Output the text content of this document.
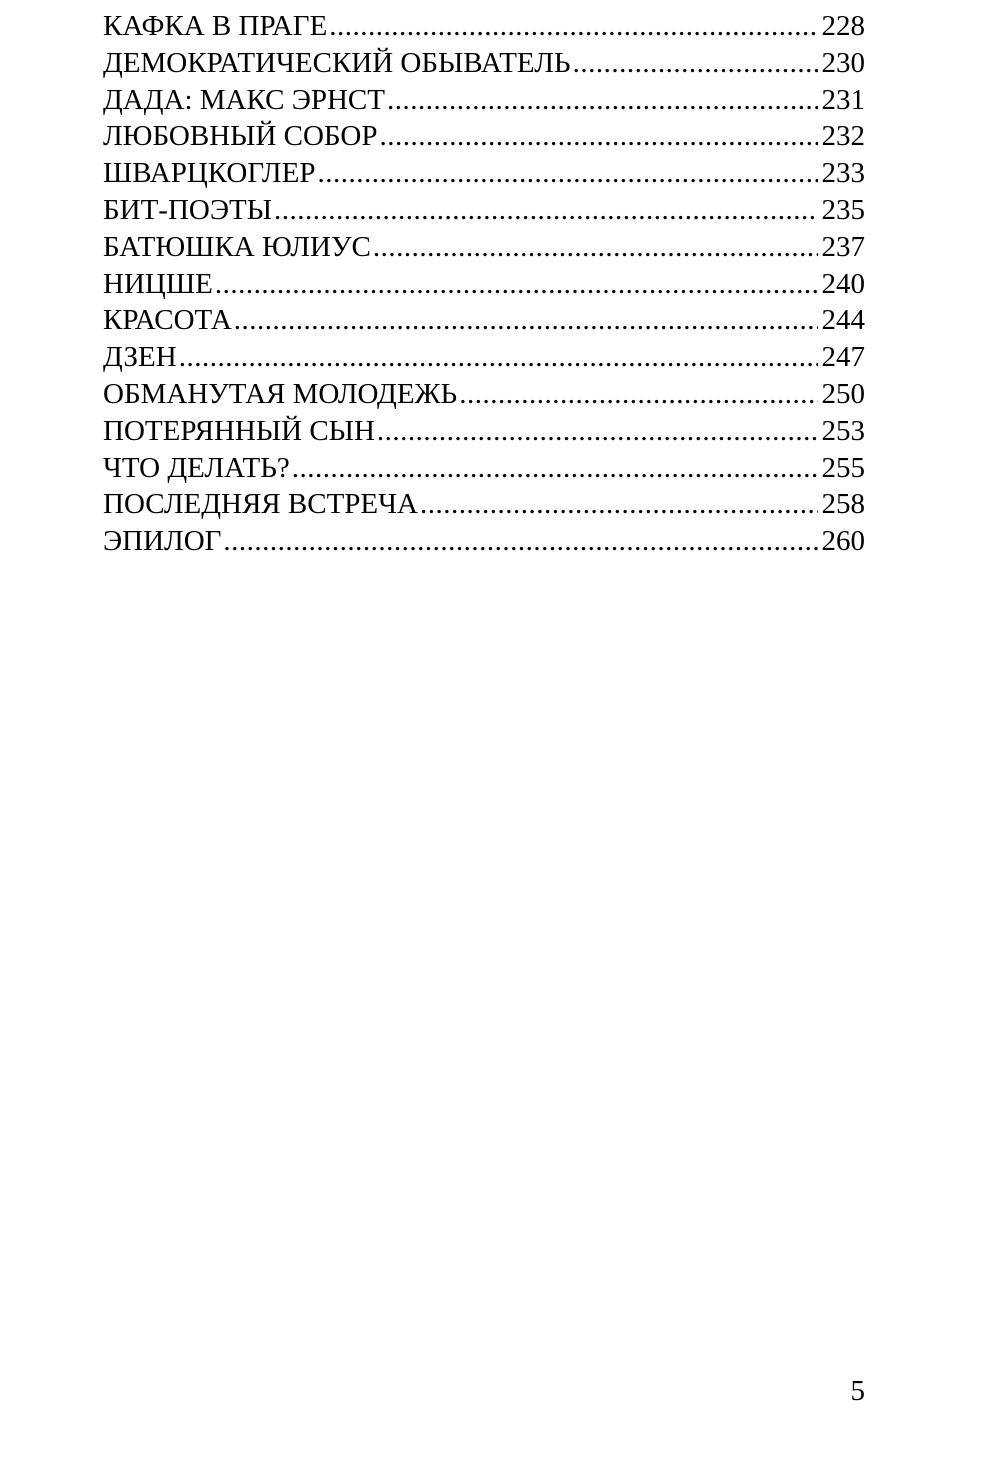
КАФКА В ПРАГЕ .....	228
ДЕМОКРАТИЧЕСКИЙ ОБЫВАТЕЛЬ .....	230
ДАДА: МАКС ЭРНСТ .....	231
ЛЮБОВНЫЙ СОБОР .....	232
ШВАРЦКОГЛЕР .....	233
БИТ-ПОЭТЫ .....	235
БАТЮШКА ЮЛИУС .....	237
НИЦШЕ .....	240
КРАСОТА .....	244
ДЗЕН .....	247
ОБМАНУТАЯ МОЛОДЕЖЬ .....	250
ПОТЕРЯННЫЙ СЫН .....	253
ЧТО ДЕЛАТЬ? .....	255
ПОСЛЕДНЯЯ ВСТРЕЧА .....	258
ЭПИЛОГ .....	260
5
